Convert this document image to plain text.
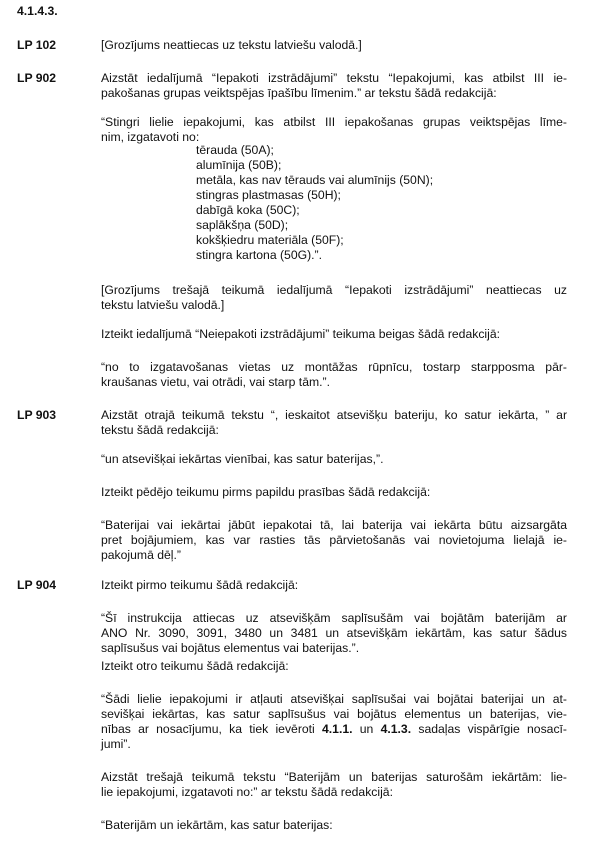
4.1.4.3.
LP 102	[Grozījums neattiecas uz tekstu latviešu valodā.]
LP 902	Aizstāt iedalījumā “Iepakoti izstrādājumi” tekstu “Iepakojumi, kas atbilst III ie-
pakošanas grupas veiktspējas īpašību līmenim.” ar tekstu šādā redakcijā:
“Stingri lielie iepakojumi, kas atbilst III iepakošanas grupas veiktspējas līme-
nim, izgatavoti no:
tērauda (50A);
alumīnija (50B);
metāla, kas nav tērauds vai alumīnijs (50N);
stingras plastmasas (50H);
dabīgā koka (50C);
saplākšņa (50D);
kokšķiedru materiāla (50F);
stingra kartona (50G).”.
[Grozījums trešajā teikumā iedalījumā “Iepakoti izstrādājumi” neattiecas uz
tekstu latviešu valodā.]
Izteikt iedalījumā “Neiepakoti izstrādājumi” teikuma beigas šādā redakcijā:
“no to izgatavošanas vietas uz montāžas rūpnīcu, tostarp starpposma pār-
kraušanas vietu, vai otrādi, vai starp tām.”.
LP 903	Aizstāt otrajā teikumā tekstu “, ieskaitot atsevišķu bateriju, ko satur iekārta, ” ar
tekstu šādā redakcijā:
“un atsevišķai iekārtas vienībai, kas satur baterijas,”.
Izteikt pēdējo teikumu pirms papildu prasības šādā redakcijā:
“Baterijai vai iekārtai jābūt iepakotai tā, lai baterija vai iekārta būtu aizsargāta
pret bojājumiem, kas var rasties tās pārvietošanās vai novietojuma lielajā ie-
pakojumā dēļ.”
LP 904	Izteikt pirmo teikumu šādā redakcijā:
“Šī instrukcija attiecas uz atsevišķām saplīsušām vai bojātām baterijām ar
ANO Nr. 3090, 3091, 3480 un 3481 un atsevišķām iekārtām, kas satur šādus
saplīsušus vai bojātus elementus vai baterijas.”.
Izteikt otro teikumu šādā redakcijā:
“Šādi lielie iepakojumi ir atļauti atsevišķai saplīsušai vai bojātai baterijai un at-
sevišķai iekārtas, kas satur saplīsušus vai bojātus elementus un baterijas, vie-
nības ar nosacījumu, ka tiek ievēroti 4.1.1. un 4.1.3. sadaļas vispārīgie nosacī-
jumi”.
Aizstāt trešajā teikumā tekstu “Baterijām un baterijas saturošām iekārtām: lie-
lie iepakojumi, izgatavoti no:” ar tekstu šādā redakcijā:
“Baterijām un iekārtām, kas satur baterijas:
